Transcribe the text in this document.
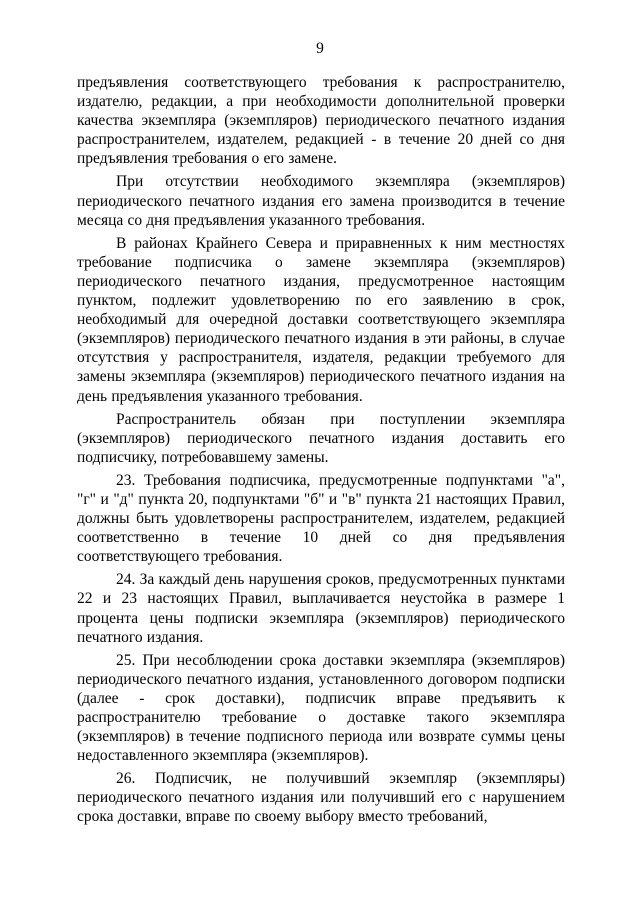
9

предъявления соответствующего требования к распространителю, издателю, редакции, а при необходимости дополнительной проверки качества экземпляра (экземпляров) периодического печатного издания распространителем, издателем, редакцией - в течение 20 дней со дня предъявления требования о его замене.

При отсутствии необходимого экземпляра (экземпляров) периодического печатного издания его замена производится в течение месяца со дня предъявления указанного требования.

В районах Крайнего Севера и приравненных к ним местностях требование подписчика о замене экземпляра (экземпляров) периодического печатного издания, предусмотренное настоящим пунктом, подлежит удовлетворению по его заявлению в срок, необходимый для очередной доставки соответствующего экземпляра (экземпляров) периодического печатного издания в эти районы, в случае отсутствия у распространителя, издателя, редакции требуемого для замены экземпляра (экземпляров) периодического печатного издания на день предъявления указанного требования.

Распространитель обязан при поступлении экземпляра (экземпляров) периодического печатного издания доставить его подписчику, потребовавшему замены.

23. Требования подписчика, предусмотренные подпунктами "а", "г" и "д" пункта 20, подпунктами "б" и "в" пункта 21 настоящих Правил, должны быть удовлетворены распространителем, издателем, редакцией соответственно в течение 10 дней со дня предъявления соответствующего требования.

24. За каждый день нарушения сроков, предусмотренных пунктами 22 и 23 настоящих Правил, выплачивается неустойка в размере 1 процента цены подписки экземпляра (экземпляров) периодического печатного издания.

25. При несоблюдении срока доставки экземпляра (экземпляров) периодического печатного издания, установленного договором подписки (далее - срок доставки), подписчик вправе предъявить к распространителю требование о доставке такого экземпляра (экземпляров) в течение подписного периода или возврате суммы цены недоставленного экземпляра (экземпляров).

26. Подписчик, не получивший экземпляр (экземпляры) периодического печатного издания или получивший его с нарушением срока доставки, вправе по своему выбору вместо требований,
